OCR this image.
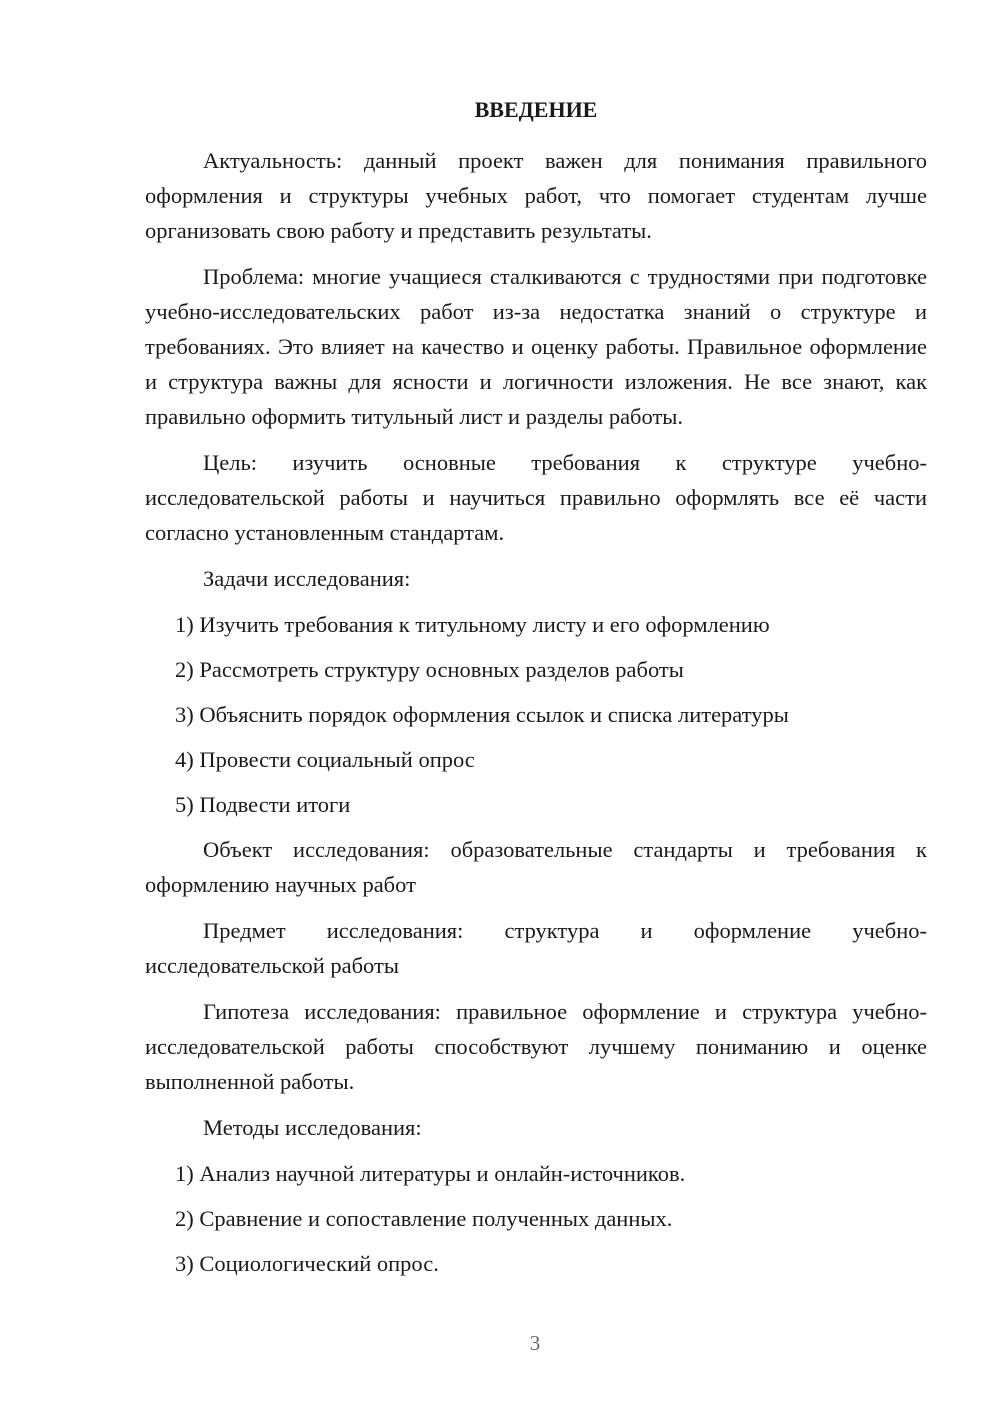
ВВЕДЕНИЕ

Актуальность: данный проект важен для понимания правильного оформления и структуры учебных работ, что помогает студентам лучше организовать свою работу и представить результаты.

Проблема: многие учащиеся сталкиваются с трудностями при подготовке учебно-исследовательских работ из-за недостатка знаний о структуре и требованиях. Это влияет на качество и оценку работы. Правильное оформление и структура важны для ясности и логичности изложения. Не все знают, как правильно оформить титульный лист и разделы работы.

Цель: изучить основные требования к структуре учебно-исследовательской работы и научиться правильно оформлять все её части согласно установленным стандартам.

Задачи исследования:

1) Изучить требования к титульному листу и его оформлению

2) Рассмотреть структуру основных разделов работы

3) Объяснить порядок оформления ссылок и списка литературы

4) Провести социальный опрос

5) Подвести итоги

Объект исследования: образовательные стандарты и требования к оформлению научных работ

Предмет исследования: структура и оформление учебно-исследовательской работы

Гипотеза исследования: правильное оформление и структура учебно-исследовательской работы способствуют лучшему пониманию и оценке выполненной работы.

Методы исследования:

1) Анализ научной литературы и онлайн-источников.

2) Сравнение и сопоставление полученных данных.

3) Социологический опрос.

3
